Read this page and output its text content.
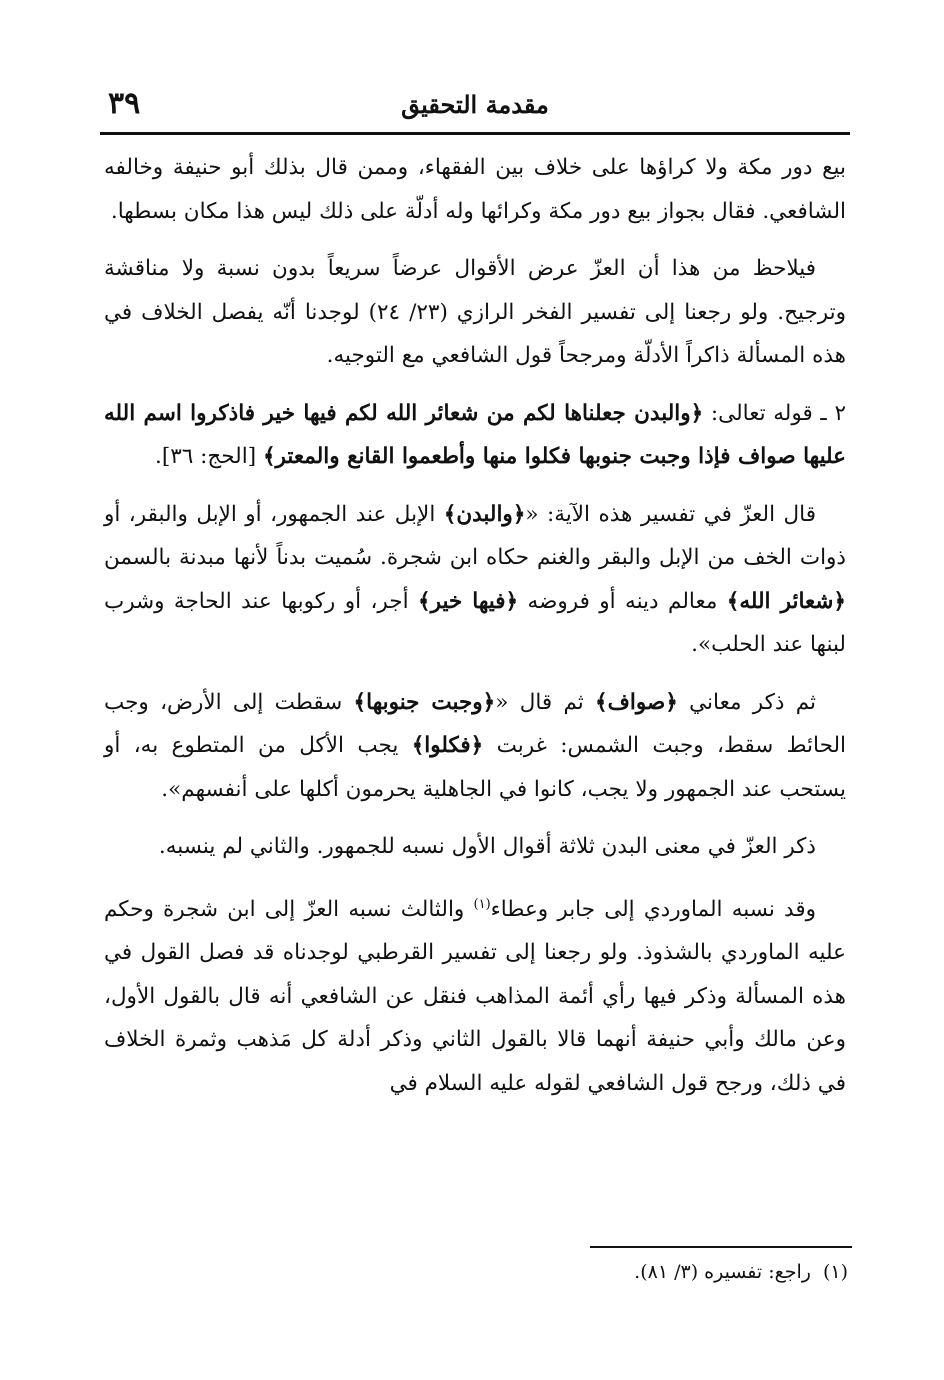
مقدمة التحقيق
٣٩

بيع دور مكة ولا كراؤها على خلاف بين الفقهاء، وممن قال بذلك أبو حنيفة وخالفه الشافعي. فقال بجواز بيع دور مكة وكرائها وله أدلّة على ذلك ليس هذا مكان بسطها.

فيلاحظ من هذا أن العزّ عرض الأقوال عرضاً سريعاً بدون نسبة ولا مناقشة وترجيح. ولو رجعنا إلى تفسير الفخر الرازي (٢٣/ ٢٤) لوجدنا أنّه يفصل الخلاف في هذه المسألة ذاكراً الأدلّة ومرجحاً قول الشافعي مع التوجيه.

٢ ـ قوله تعالى: ﴿والبدن جعلناها لكم من شعائر الله لكم فيها خير فاذكروا اسم الله عليها صواف فإذا وجبت جنوبها فكلوا منها وأطعموا القانع والمعتر﴾ [الحج: ٣٦].

قال العزّ في تفسير هذه الآية: «﴿والبدن﴾ الإبل عند الجمهور، أو الإبل والبقر، أو ذوات الخف من الإبل والبقر والغنم حكاه ابن شجرة. سُميت بدناً لأنها مبدنة بالسمن ﴿شعائر الله﴾ معالم دينه أو فروضه ﴿فيها خير﴾ أجر، أو ركوبها عند الحاجة وشرب لبنها عند الحلب».

ثم ذكر معاني ﴿صواف﴾ ثم قال «﴿وجبت جنوبها﴾ سقطت إلى الأرض، وجب الحائط سقط، وجبت الشمس: غربت ﴿فكلوا﴾ يجب الأكل من المتطوع به، أو يستحب عند الجمهور ولا يجب، كانوا في الجاهلية يحرمون أكلها على أنفسهم».

ذكر العزّ في معنى البدن ثلاثة أقوال الأول نسبه للجمهور. والثاني لم ينسبه.

وقد نسبه الماوردي إلى جابر وعطاء$^{(١)}$ والثالث نسبه العزّ إلى ابن شجرة وحكم عليه الماوردي بالشذوذ. ولو رجعنا إلى تفسير القرطبي لوجدناه قد فصل القول في هذه المسألة وذكر فيها رأي أئمة المذاهب فنقل عن الشافعي أنه قال بالقول الأول، وعن مالك وأبي حنيفة أنهما قالا بالقول الثاني وذكر أدلة كل مَذهب وثمرة الخلاف في ذلك، ورجح قول الشافعي لقوله عليه السلام في

(١)راجع: تفسيره (٣/ ٨١).
